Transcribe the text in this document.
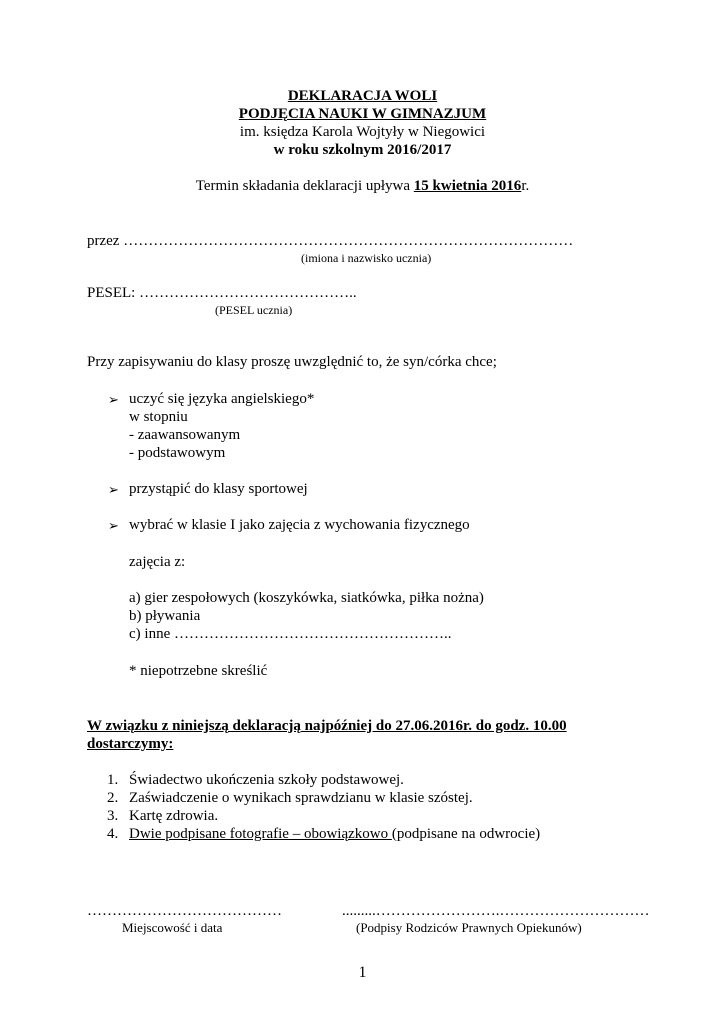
DEKLARACJA WOLI
PODJĘCIA NAUKI W GIMNAZJUM
im. księdza Karola Wojtyły w Niegowici
w roku szkolnym 2016/2017
Termin składania deklaracji upływa 15 kwietnia 2016r.
przez ………………………………………………………………………………
(imiona i nazwisko ucznia)
PESEL: ……………………………………..
(PESEL ucznia)
Przy zapisywaniu do klasy proszę uwzględnić to, że syn/córka chce;
➢ uczyć się języka angielskiego*
w stopniu
- zaawansowanym
- podstawowym
➢ przystąpić do klasy sportowej
➢ wybrać w klasie I jako zajęcia z wychowania fizycznego
zajęcia z:
a) gier zespołowych (koszykówka, siatkówka, piłka nożna)
b) pływania
c) inne ………………………………………………..
* niepotrzebne skreślić
W związku z niniejszą deklaracją najpóźniej do 27.06.2016r. do godz. 10.00
dostarczymy:
1. Świadectwo ukończenia szkoły podstawowej.
2. Zaświadczenie o wynikach sprawdzianu w klasie szóstej.
3. Kartę zdrowia.
4. Dwie podpisane fotografie – obowiązkowo (podpisane na odwrocie)
…………………………………
Miejscowość i data
.........…………………….…………………………
(Podpisy Rodziców Prawnych Opiekunów)
1
